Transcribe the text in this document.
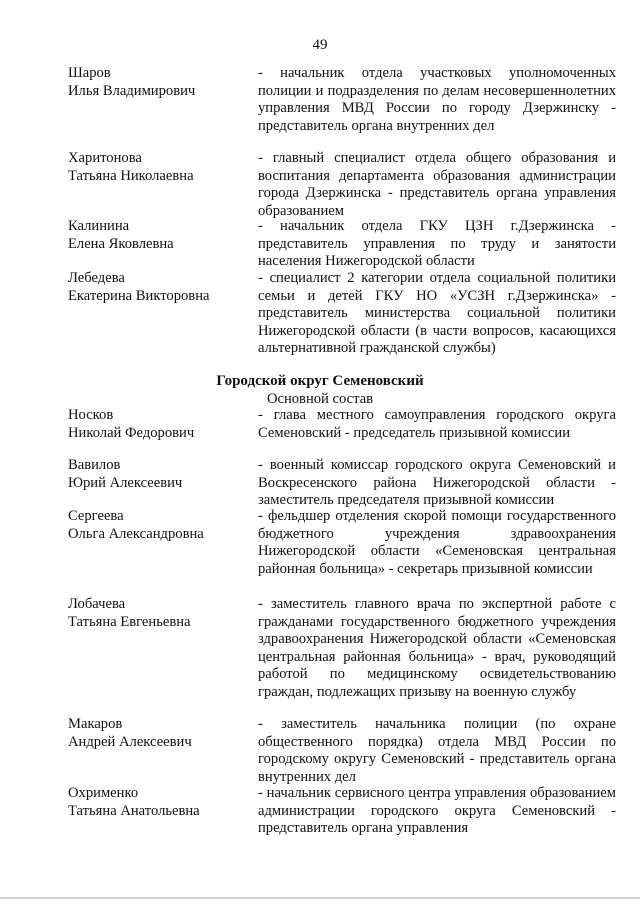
49
Шаров
Илья Владимирович
- начальник отдела участковых уполномоченных полиции и подразделения по делам несовершеннолетних управления МВД России по городу Дзержинску - представитель органа внутренних дел
Харитонова
Татьяна Николаевна
- главный специалист отдела общего образования и воспитания департамента образования администрации города Дзержинска - представитель органа управления образованием
Калинина
Елена Яковлевна
- начальник отдела ГКУ ЦЗН г.Дзержинска - представитель управления по труду и занятости населения Нижегородской области
Лебедева
Екатерина Викторовна
- специалист 2 категории отдела социальной политики семьи и детей ГКУ НО «УСЗН г.Дзержинска» - представитель министерства социальной политики Нижегородской области (в части вопросов, касающихся альтернативной гражданской службы)
Городской округ Семеновский
Основной состав
Носков
Николай Федорович
- глава местного самоуправления городского округа Семеновский - председатель призывной комиссии
Вавилов
Юрий Алексеевич
- военный комиссар городского округа Семеновский и Воскресенского района Нижегородской области - заместитель председателя призывной комиссии
Сергеева
Ольга Александровна
- фельдшер отделения скорой помощи государственного бюджетного учреждения здравоохранения Нижегородской области «Семеновская центральная районная больница» - секретарь призывной комиссии
Лобачева
Татьяна Евгеньевна
- заместитель главного врача по экспертной работе с гражданами государственного бюджетного учреждения здравоохранения Нижегородской области «Семеновская центральная районная больница» - врач, руководящий работой по медицинскому освидетельствованию граждан, подлежащих призыву на военную службу
Макаров
Андрей Алексеевич
- заместитель начальника полиции (по охране общественного порядка) отдела МВД России по городскому округу Семеновский - представитель органа внутренних дел
Охрименко
Татьяна Анатольевна
- начальник сервисного центра управления образованием администрации городского округа Семеновский - представитель органа управления
